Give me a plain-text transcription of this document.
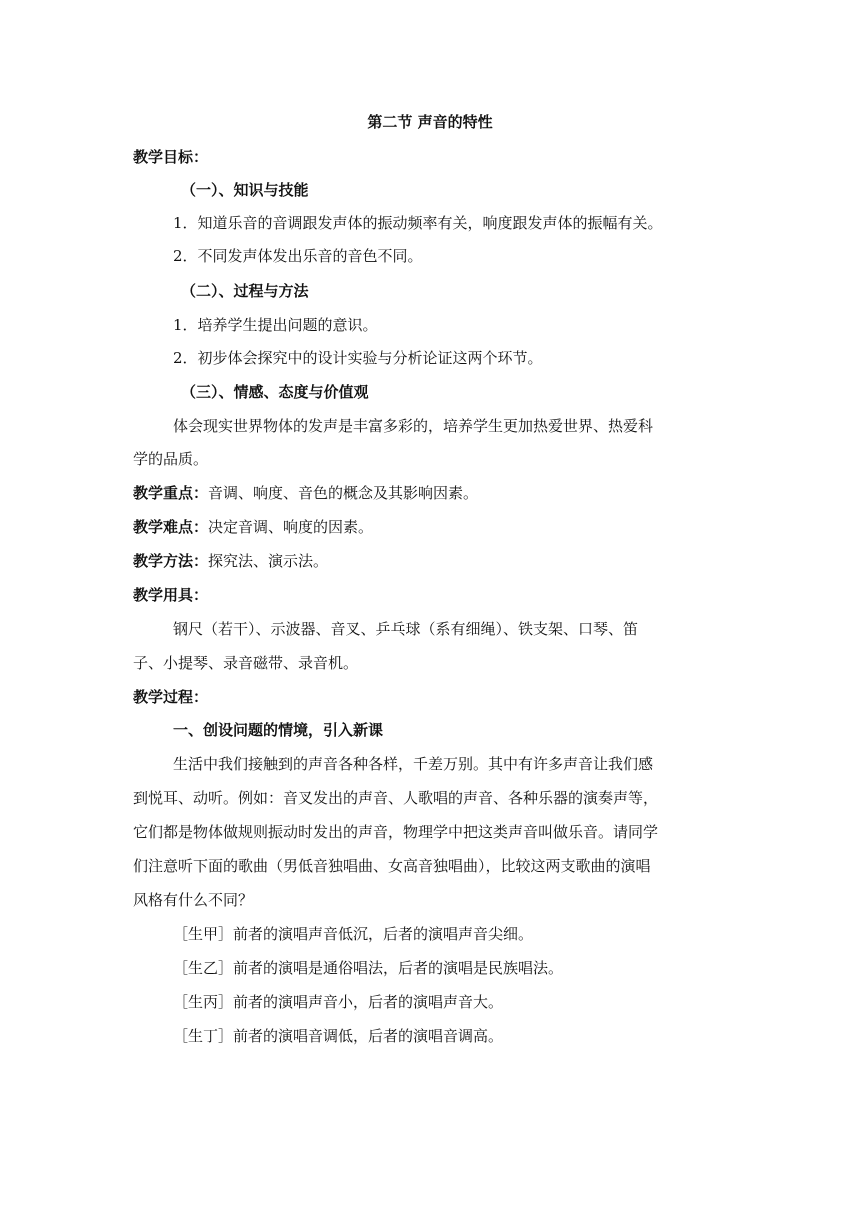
第二节 声音的特性
教学目标：
（一）、知识与技能
1．知道乐音的音调跟发声体的振动频率有关，响度跟发声体的振幅有关。
2．不同发声体发出乐音的音色不同。
（二）、过程与方法
1．培养学生提出问题的意识。
2．初步体会探究中的设计实验与分析论证这两个环节。
（三）、情感、态度与价值观
体会现实世界物体的发声是丰富多彩的，培养学生更加热爱世界、热爱科
学的品质。
教学重点：音调、响度、音色的概念及其影响因素。
教学难点：决定音调、响度的因素。
教学方法：探究法、演示法。
教学用具：
钢尺（若干）、示波器、音叉、乒乓球（系有细绳）、铁支架、口琴、笛
子、小提琴、录音磁带、录音机。
教学过程：
一、创设问题的情境，引入新课
生活中我们接触到的声音各种各样，千差万别。其中有许多声音让我们感
到悦耳、动听。例如：音叉发出的声音、人歌唱的声音、各种乐器的演奏声等，
它们都是物体做规则振动时发出的声音，物理学中把这类声音叫做乐音。请同学
们注意听下面的歌曲（男低音独唱曲、女高音独唱曲），比较这两支歌曲的演唱
风格有什么不同？
［生甲］前者的演唱声音低沉，后者的演唱声音尖细。
［生乙］前者的演唱是通俗唱法，后者的演唱是民族唱法。
［生丙］前者的演唱声音小，后者的演唱声音大。
［生丁］前者的演唱音调低，后者的演唱音调高。
